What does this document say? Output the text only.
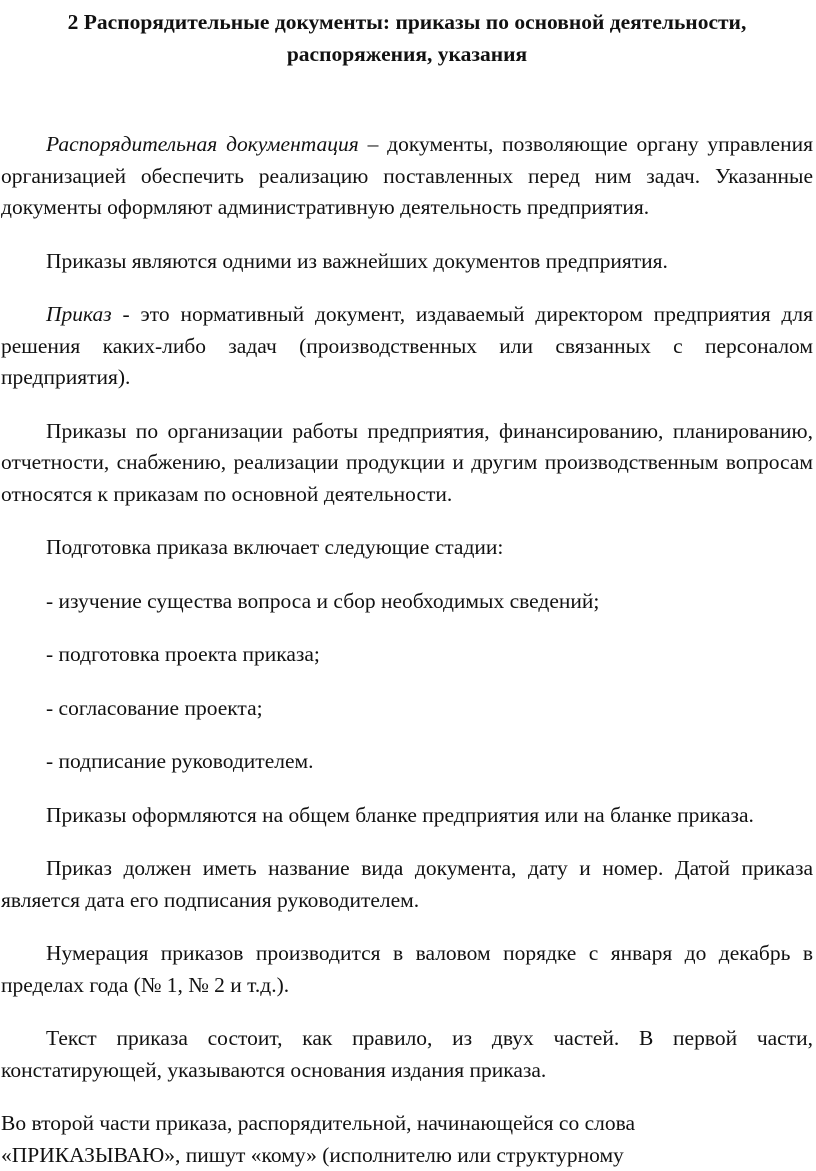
2 Распорядительные документы: приказы по основной деятельности,
распоряжения, указания

Распорядительная документация – документы, позволяющие органу управления организацией обеспечить реализацию поставленных перед ним задач. Указанные документы оформляют административную деятельность предприятия.

Приказы являются одними из важнейших документов предприятия.

Приказ - это нормативный документ, издаваемый директором предприятия для решения каких-либо задач (производственных или связанных с персоналом предприятия).

Приказы по организации работы предприятия, финансированию, планированию, отчетности, снабжению, реализации продукции и другим производственным вопросам относятся к приказам по основной деятельности.

Подготовка приказа включает следующие стадии:

- изучение существа вопроса и сбор необходимых сведений;

- подготовка проекта приказа;

- согласование проекта;

- подписание руководителем.

Приказы оформляются на общем бланке предприятия или на бланке приказа.

Приказ должен иметь название вида документа, дату и номер. Датой приказа является дата его подписания руководителем.

Нумерация приказов производится в валовом порядке с января до декабрь в пределах года (№ 1, № 2 и т.д.).

Текст приказа состоит, как правило, из двух частей. В первой части, констатирующей, указываются основания издания приказа.

Во второй части приказа, распорядительной, начинающейся со слова
«ПРИКАЗЫВАЮ», пишут «кому» (исполнителю или структурному
